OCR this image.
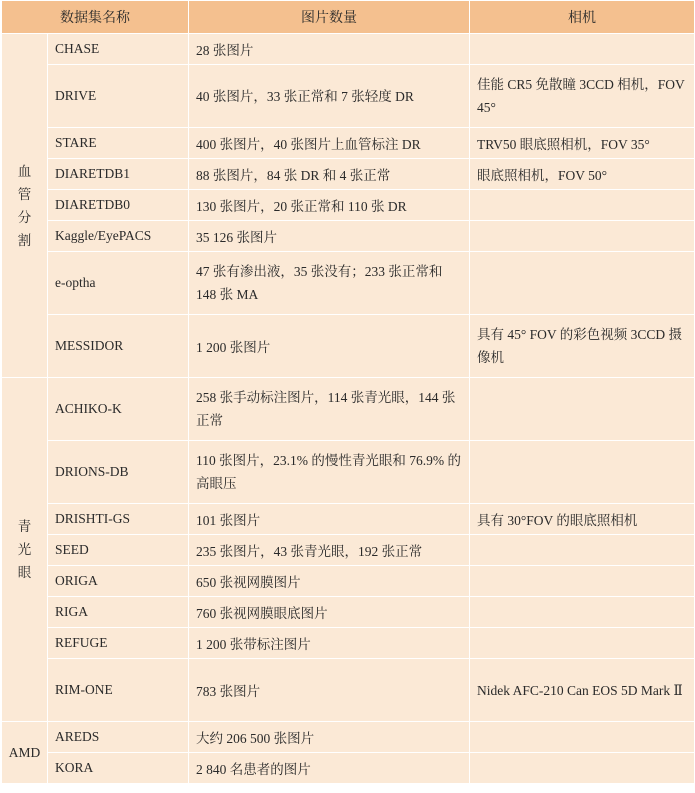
数据集名称		图片数量	相机
血管分割	CHASE	28 张图片	
	DRIVE	40 张图片，33 张正常和 7 张轻度 DR	佳能 CR5 免散瞳 3CCD 相机，FOV 45°
	STARE	400 张图片，40 张图片上血管标注 DR	TRV50 眼底照相机，FOV 35°
	DIARETDB1	88 张图片，84 张 DR 和 4 张正常	眼底照相机，FOV 50°
	DIARETDB0	130 张图片，20 张正常和 110 张 DR	
	Kaggle/EyePACS	35 126 张图片	
	e-optha	47 张有渗出液，35 张没有；233 张正常和 148 张 MA	
	MESSIDOR	1 200 张图片	具有 45° FOV 的彩色视频 3CCD 摄像机
青光眼	ACHIKO-K	258 张手动标注图片，114 张青光眼，144 张正常	
	DRIONS-DB	110 张图片，23.1% 的慢性青光眼和 76.9% 的高眼压	
	DRISHTI-GS	101 张图片	具有 30°FOV 的眼底照相机
	SEED	235 张图片，43 张青光眼，192 张正常	
	ORIGA	650 张视网膜图片	
	RIGA	760 张视网膜眼底图片	
	REFUGE	1 200 张带标注图片	
	RIM-ONE	783 张图片	Nidek AFC-210 Can EOS 5D Mark Ⅱ
AMD	AREDS	大约 206 500 张图片	
	KORA	2 840 名患者的图片	
